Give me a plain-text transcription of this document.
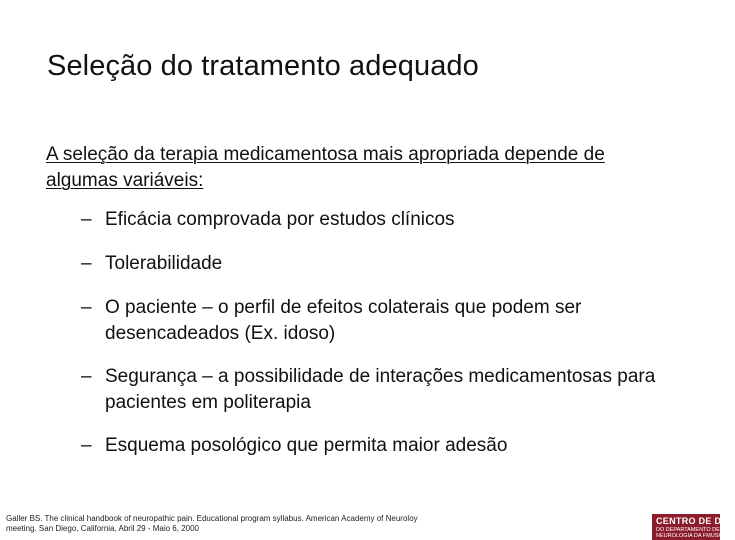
Seleção do tratamento adequado
A seleção da terapia medicamentosa mais apropriada depende de algumas variáveis:
– Eficácia comprovada por estudos clínicos
– Tolerabilidade
– O paciente – o perfil de efeitos colaterais que podem ser desencadeados (Ex. idoso)
– Segurança – a possibilidade de interações medicamentosas para pacientes em politerapia
– Esquema posológico que permita maior adesão
Galler BS. The clinical handbook of neuropathic pain. Educational program syllabus. American Academy of Neuroloy meeting. San Diego, California, Abril 29 - Maio 6, 2000
CENTRO DE DOR
DO DEPARTAMENTO DE
NEUROLOGIA DA FMUSP
